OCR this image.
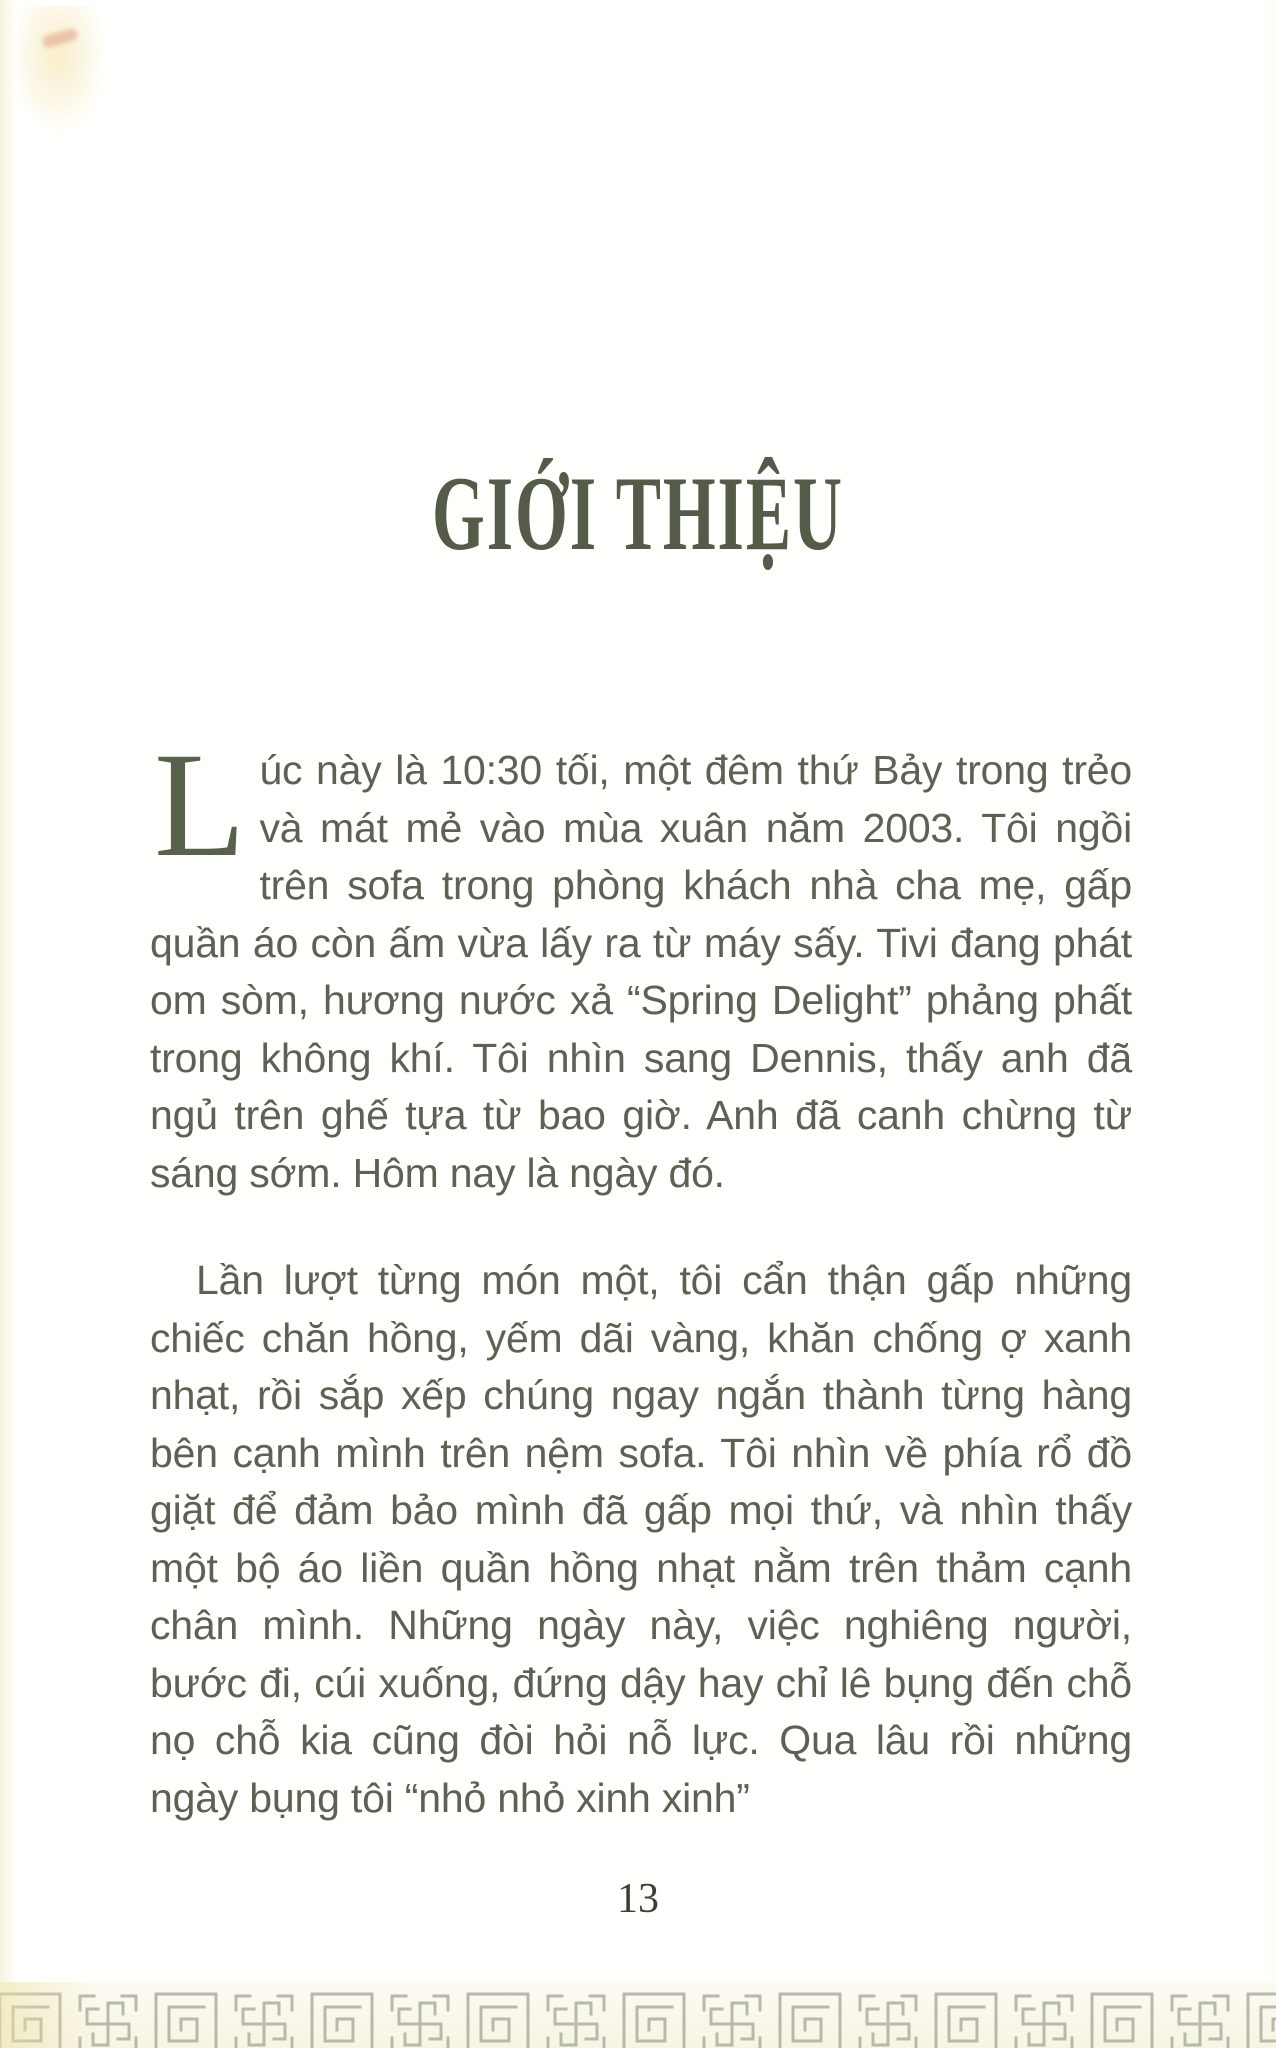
GIỚI THIỆU

Lúc này là 10:30 tối, một đêm thứ Bảy trong trẻo và mát mẻ vào mùa xuân năm 2003. Tôi ngồi trên sofa trong phòng khách nhà cha mẹ, gấp quần áo còn ấm vừa lấy ra từ máy sấy. Tivi đang phát om sòm, hương nước xả “Spring Delight” phảng phất trong không khí. Tôi nhìn sang Dennis, thấy anh đã ngủ trên ghế tựa từ bao giờ. Anh đã canh chừng từ sáng sớm. Hôm nay là ngày đó.

Lần lượt từng món một, tôi cẩn thận gấp những chiếc chăn hồng, yếm dãi vàng, khăn chống ợ xanh nhạt, rồi sắp xếp chúng ngay ngắn thành từng hàng bên cạnh mình trên nệm sofa. Tôi nhìn về phía rổ đồ giặt để đảm bảo mình đã gấp mọi thứ, và nhìn thấy một bộ áo liền quần hồng nhạt nằm trên thảm cạnh chân mình. Những ngày này, việc nghiêng người, bước đi, cúi xuống, đứng dậy hay chỉ lê bụng đến chỗ nọ chỗ kia cũng đòi hỏi nỗ lực. Qua lâu rồi những ngày bụng tôi “nhỏ nhỏ xinh xinh”

13
